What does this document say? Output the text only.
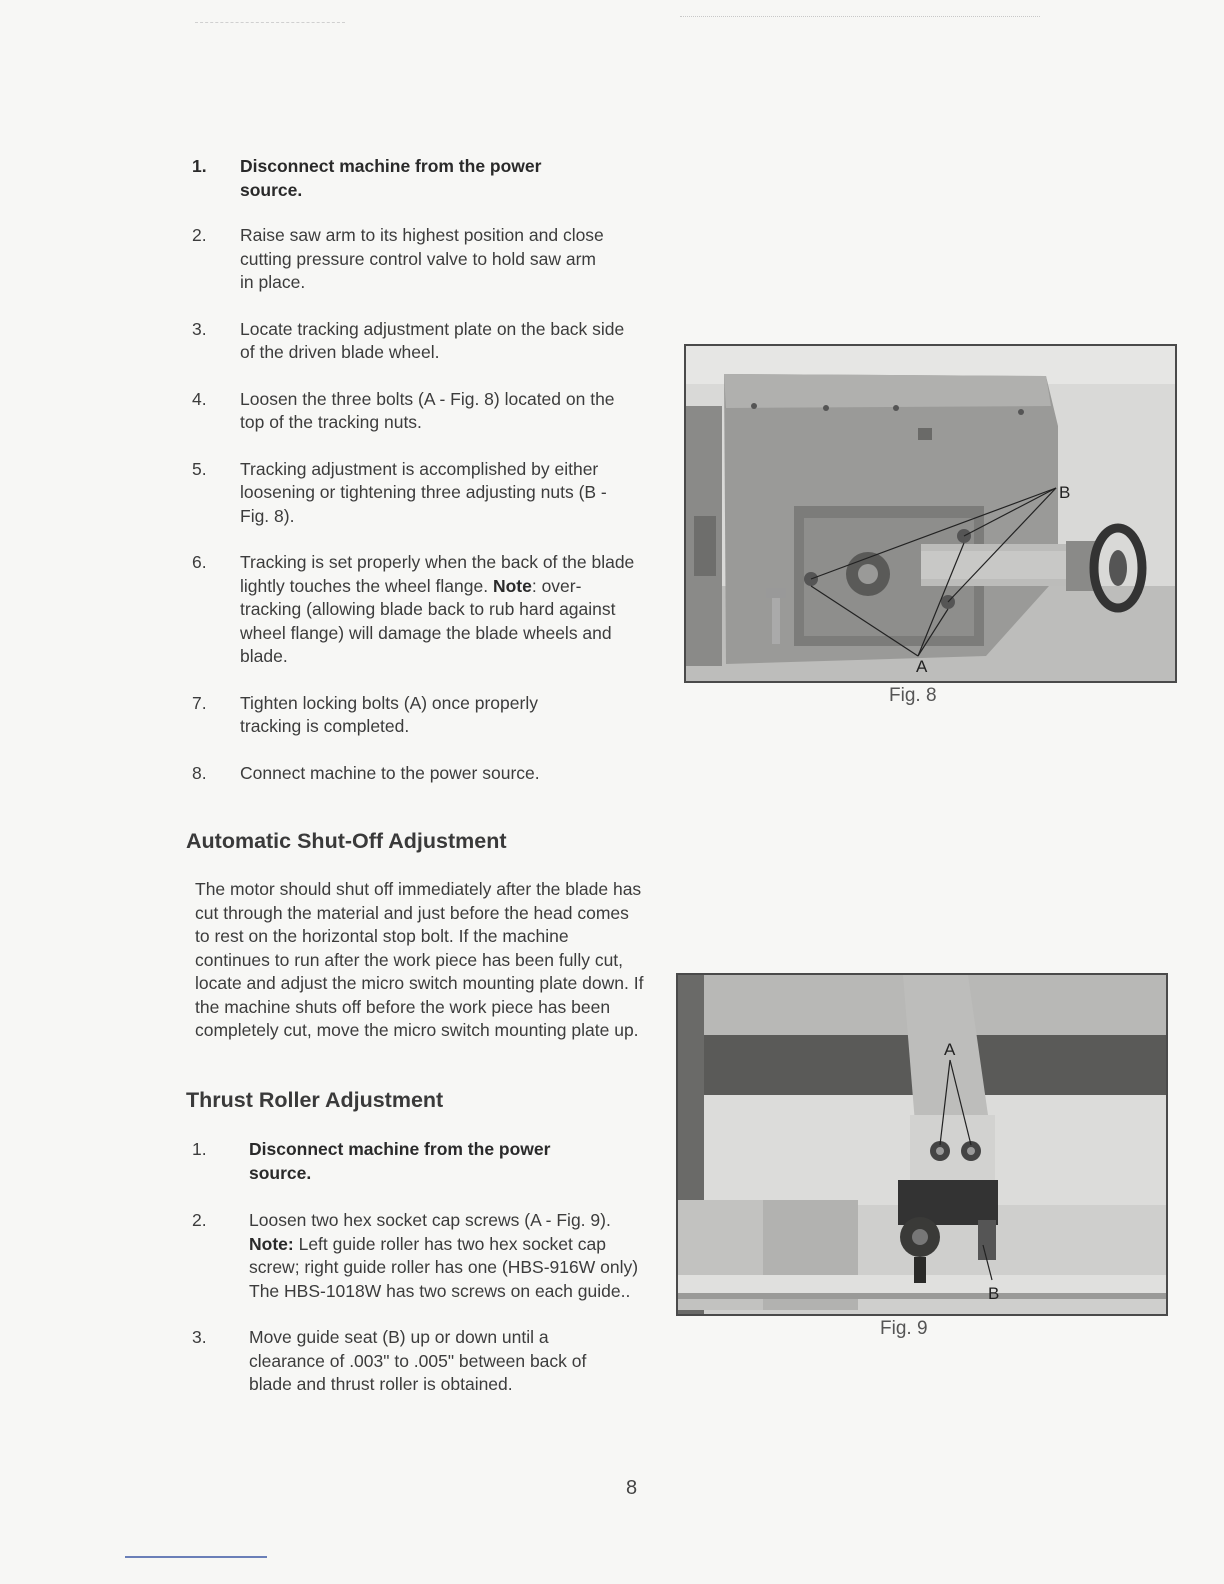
1.	Disconnect machine from the power source.
2.	Raise saw arm to its highest position and close cutting pressure control valve to hold saw arm in place.
3.	Locate tracking adjustment plate on the back side of the driven blade wheel.
4.	Loosen the three bolts (A - Fig. 8) located on the top of the tracking nuts.
5.	Tracking adjustment is accomplished by either loosening or tightening three adjusting nuts (B - Fig. 8).
6.	Tracking is set properly when the back of the blade lightly touches the wheel flange. Note: over-tracking (allowing blade back to rub hard against wheel flange) will damage the blade wheels and blade.
7.	Tighten locking bolts (A) once properly tracking is completed.
8.	Connect machine to the power source.
Automatic Shut-Off Adjustment

The motor should shut off immediately after the blade has cut through the material and just before the head comes to rest on the horizontal stop bolt. If the machine continues to run after the work piece has been fully cut, locate and adjust the micro switch mounting plate down. If the machine shuts off before the work piece has been completely cut, move the micro switch mounting plate up.

Thrust Roller Adjustment
1.	Disconnect machine from the power source.
2.	Loosen two hex socket cap screws (A - Fig. 9). Note: Left guide roller has two hex socket cap screw; right guide roller has one (HBS-916W only) The HBS-1018W has two screws on each guide..
3.	Move guide seat (B) up or down until a clearance of .003" to .005" between back of blade and thrust roller is obtained.
B
A
Fig. 8
A
B
Fig. 9
8
